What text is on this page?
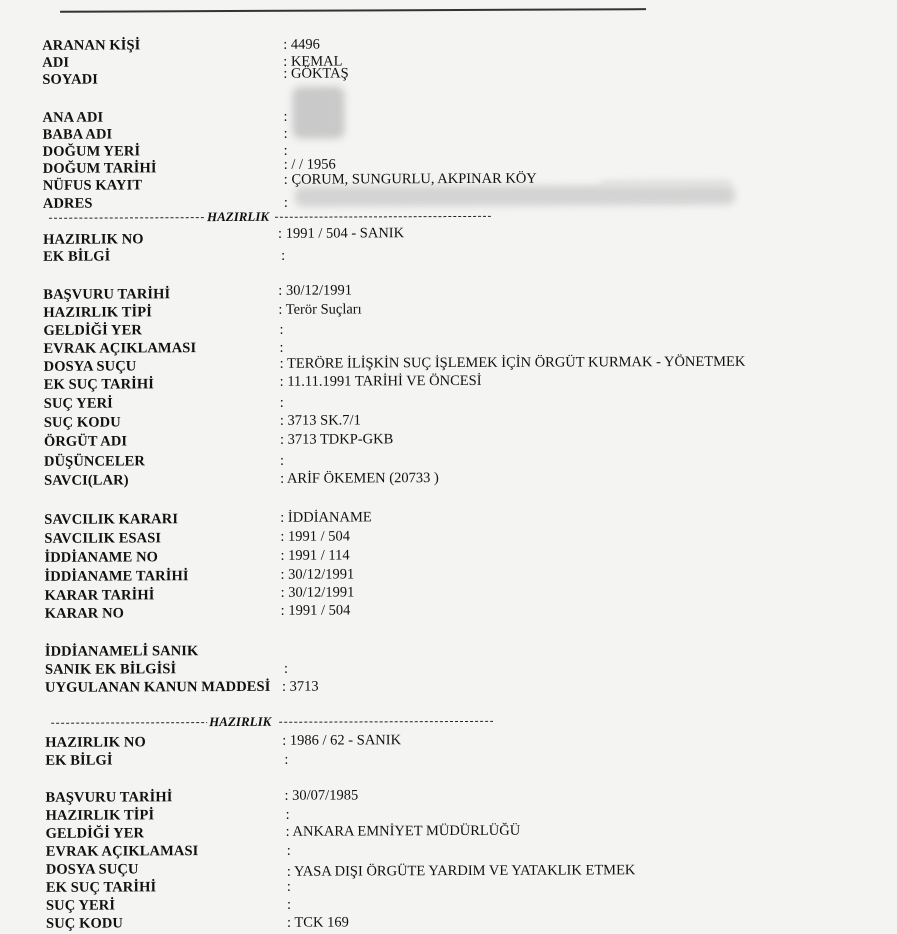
ARANAN KİŞİ	: 4496
ADI	: KEMAL
SOYADI	: GÖKTAŞ
ANA ADI	:
BABA ADI	:
DOĞUM YERİ	:
DOĞUM TARİHİ	: / / 1956
NÜFUS KAYIT	: ÇORUM, SUNGURLU, AKPINAR KÖY
ADRES	:
HAZIRLIK
HAZIRLIK NO	: 1991 / 504 - SANIK
EK BİLGİ	:
BAŞVURU TARİHİ	: 30/12/1991
HAZIRLIK TİPİ	: Terör Suçları
GELDİĞİ YER	:
EVRAK AÇIKLAMASI	:
DOSYA SUÇU	: TERÖRE İLİŞKİN SUÇ İŞLEMEK İÇİN ÖRGÜT KURMAK - YÖNETMEK
EK SUÇ TARİHİ	: 11.11.1991 TARİHİ VE ÖNCESİ
SUÇ YERİ	:
SUÇ KODU	: 3713 SK.7/1
ÖRGÜT ADI	: 3713 TDKP-GKB
DÜŞÜNCELER	:
SAVCI(LAR)	: ARİF ÖKEMEN (20733 )
SAVCILIK KARARI	: İDDİANAME
SAVCILIK ESASI	: 1991 / 504
İDDİANAME NO	: 1991 / 114
İDDİANAME TARİHİ	: 30/12/1991
KARAR TARİHİ	: 30/12/1991
KARAR NO	: 1991 / 504
İDDİANAMELİ SANIK
SANIK EK BİLGİSİ	:
UYGULANAN KANUN MADDESİ : 3713
HAZIRLIK
HAZIRLIK NO	: 1986 / 62 - SANIK
EK BİLGİ	:
BAŞVURU TARİHİ	: 30/07/1985
HAZIRLIK TİPİ	:
GELDİĞİ YER	: ANKARA EMNİYET MÜDÜRLÜĞÜ
EVRAK AÇIKLAMASI	:
DOSYA SUÇU	: YASA DIŞI ÖRGÜTE YARDIM VE YATAKLIK ETMEK
EK SUÇ TARİHİ	:
SUÇ YERİ	:
SUÇ KODU	: TCK 169
